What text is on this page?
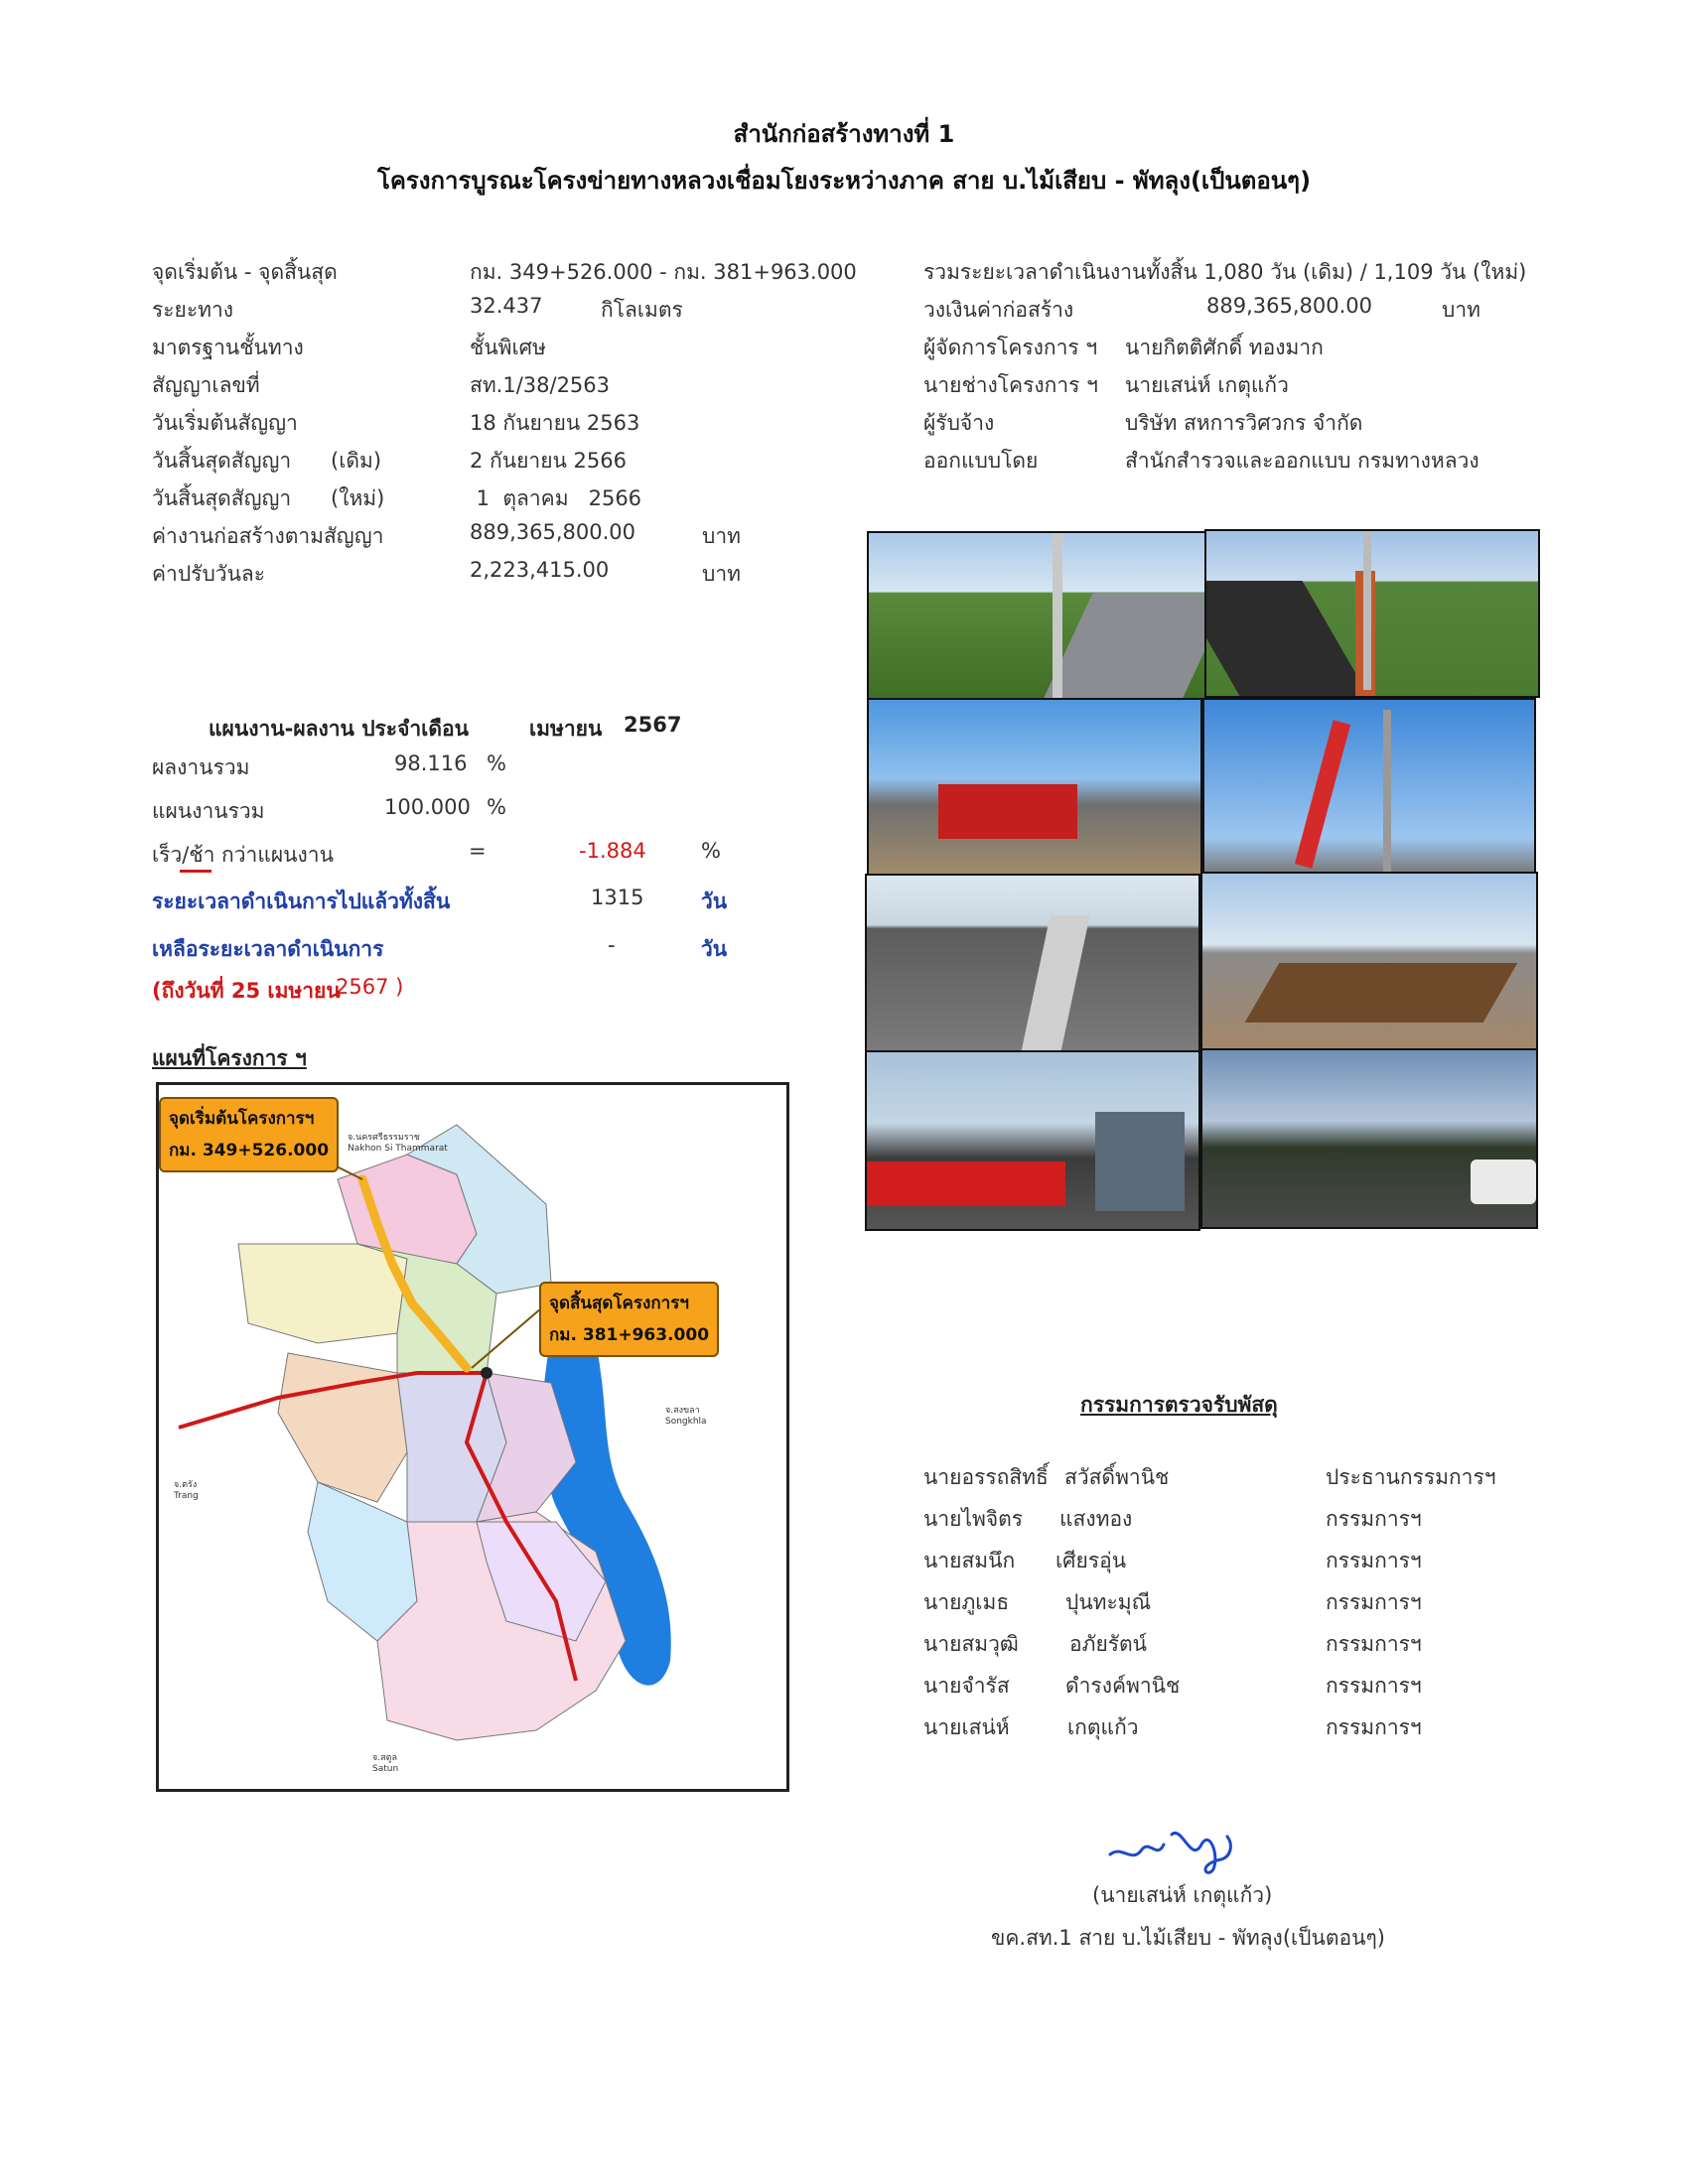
สำนักก่อสร้างทางที่ 1
โครงการบูรณะโครงข่ายทางหลวงเชื่อมโยงระหว่างภาค สาย บ.ไม้เสียบ - พัทลุง(เป็นตอนๆ)
จุดเริ่มต้น - จุดสิ้นสุด	กม. 349+526.000 - กม. 381+963.000
ระยะทาง	32.437	กิโลเมตร
มาตรฐานชั้นทาง	ชั้นพิเศษ
สัญญาเลขที่	สท.1/38/2563
วันเริ่มต้นสัญญา	18 กันยายน 2563
วันสิ้นสุดสัญญา (เดิม)	2 กันยายน 2566
วันสิ้นสุดสัญญา (ใหม่)	1  ตุลาคม   2566
ค่างานก่อสร้างตามสัญญา	889,365,800.00	บาท
ค่าปรับวันละ	2,223,415.00	บาท
รวมระยะเวลาดำเนินงานทั้งสิ้น 1,080 วัน (เดิม) / 1,109 วัน (ใหม่)
วงเงินค่าก่อสร้าง	889,365,800.00	บาท
ผู้จัดการโครงการ ฯ นายกิตติศักดิ์ ทองมาก
นายช่างโครงการ ฯ นายเสน่ห์ เกตุแก้ว
ผู้รับจ้าง	บริษัท สหการวิศวกร จำกัด
ออกแบบโดย	สำนักสำรวจและออกแบบ กรมทางหลวง
แผนงาน-ผลงาน ประจำเดือน	เมษายน 2567
ผลงานรวม	98.116 %
แผนงานรวม	100.000 %
เร็ว/ช้า กว่าแผนงาน	=	-1.884	%
ระยะเวลาดำเนินการไปแล้วทั้งสิ้น	1315	วัน
เหลือระยะเวลาดำเนินการ	-	วัน
(ถึงวันที่ 25 เมษายน
2567 )
แผนที่โครงการ ฯ
จ.นครศรีธรรมราช
Nakhon Si Thammarat
จ.สงขลา
Songkhla
จ.ตรัง
Trang
จ.สตูล
Satun
จุดเริ่มต้นโครงการฯ
กม. 349+526.000
จุดสิ้นสุดโครงการฯ
กม. 381+963.000
กรรมการตรวจรับพัสดุ
นายอรรถสิทธิ์ สวัสดิ์พานิช	ประธานกรรมการฯ
นายไพจิตร แสงทอง	กรรมการฯ
นายสมนึก เศียรอุ่น	กรรมการฯ
นายภูเมธ	ปุนทะมุณี	กรรมการฯ
นายสมวุฒิ อภัยรัตน์	กรรมการฯ
นายจำรัส	ดำรงค์พานิช	กรรมการฯ
นายเสน่ห์	เกตุแก้ว	กรรมการฯ
(นายเสน่ห์ เกตุแก้ว)
ขค.สท.1 สาย บ.ไม้เสียบ - พัทลุง(เป็นตอนๆ)
